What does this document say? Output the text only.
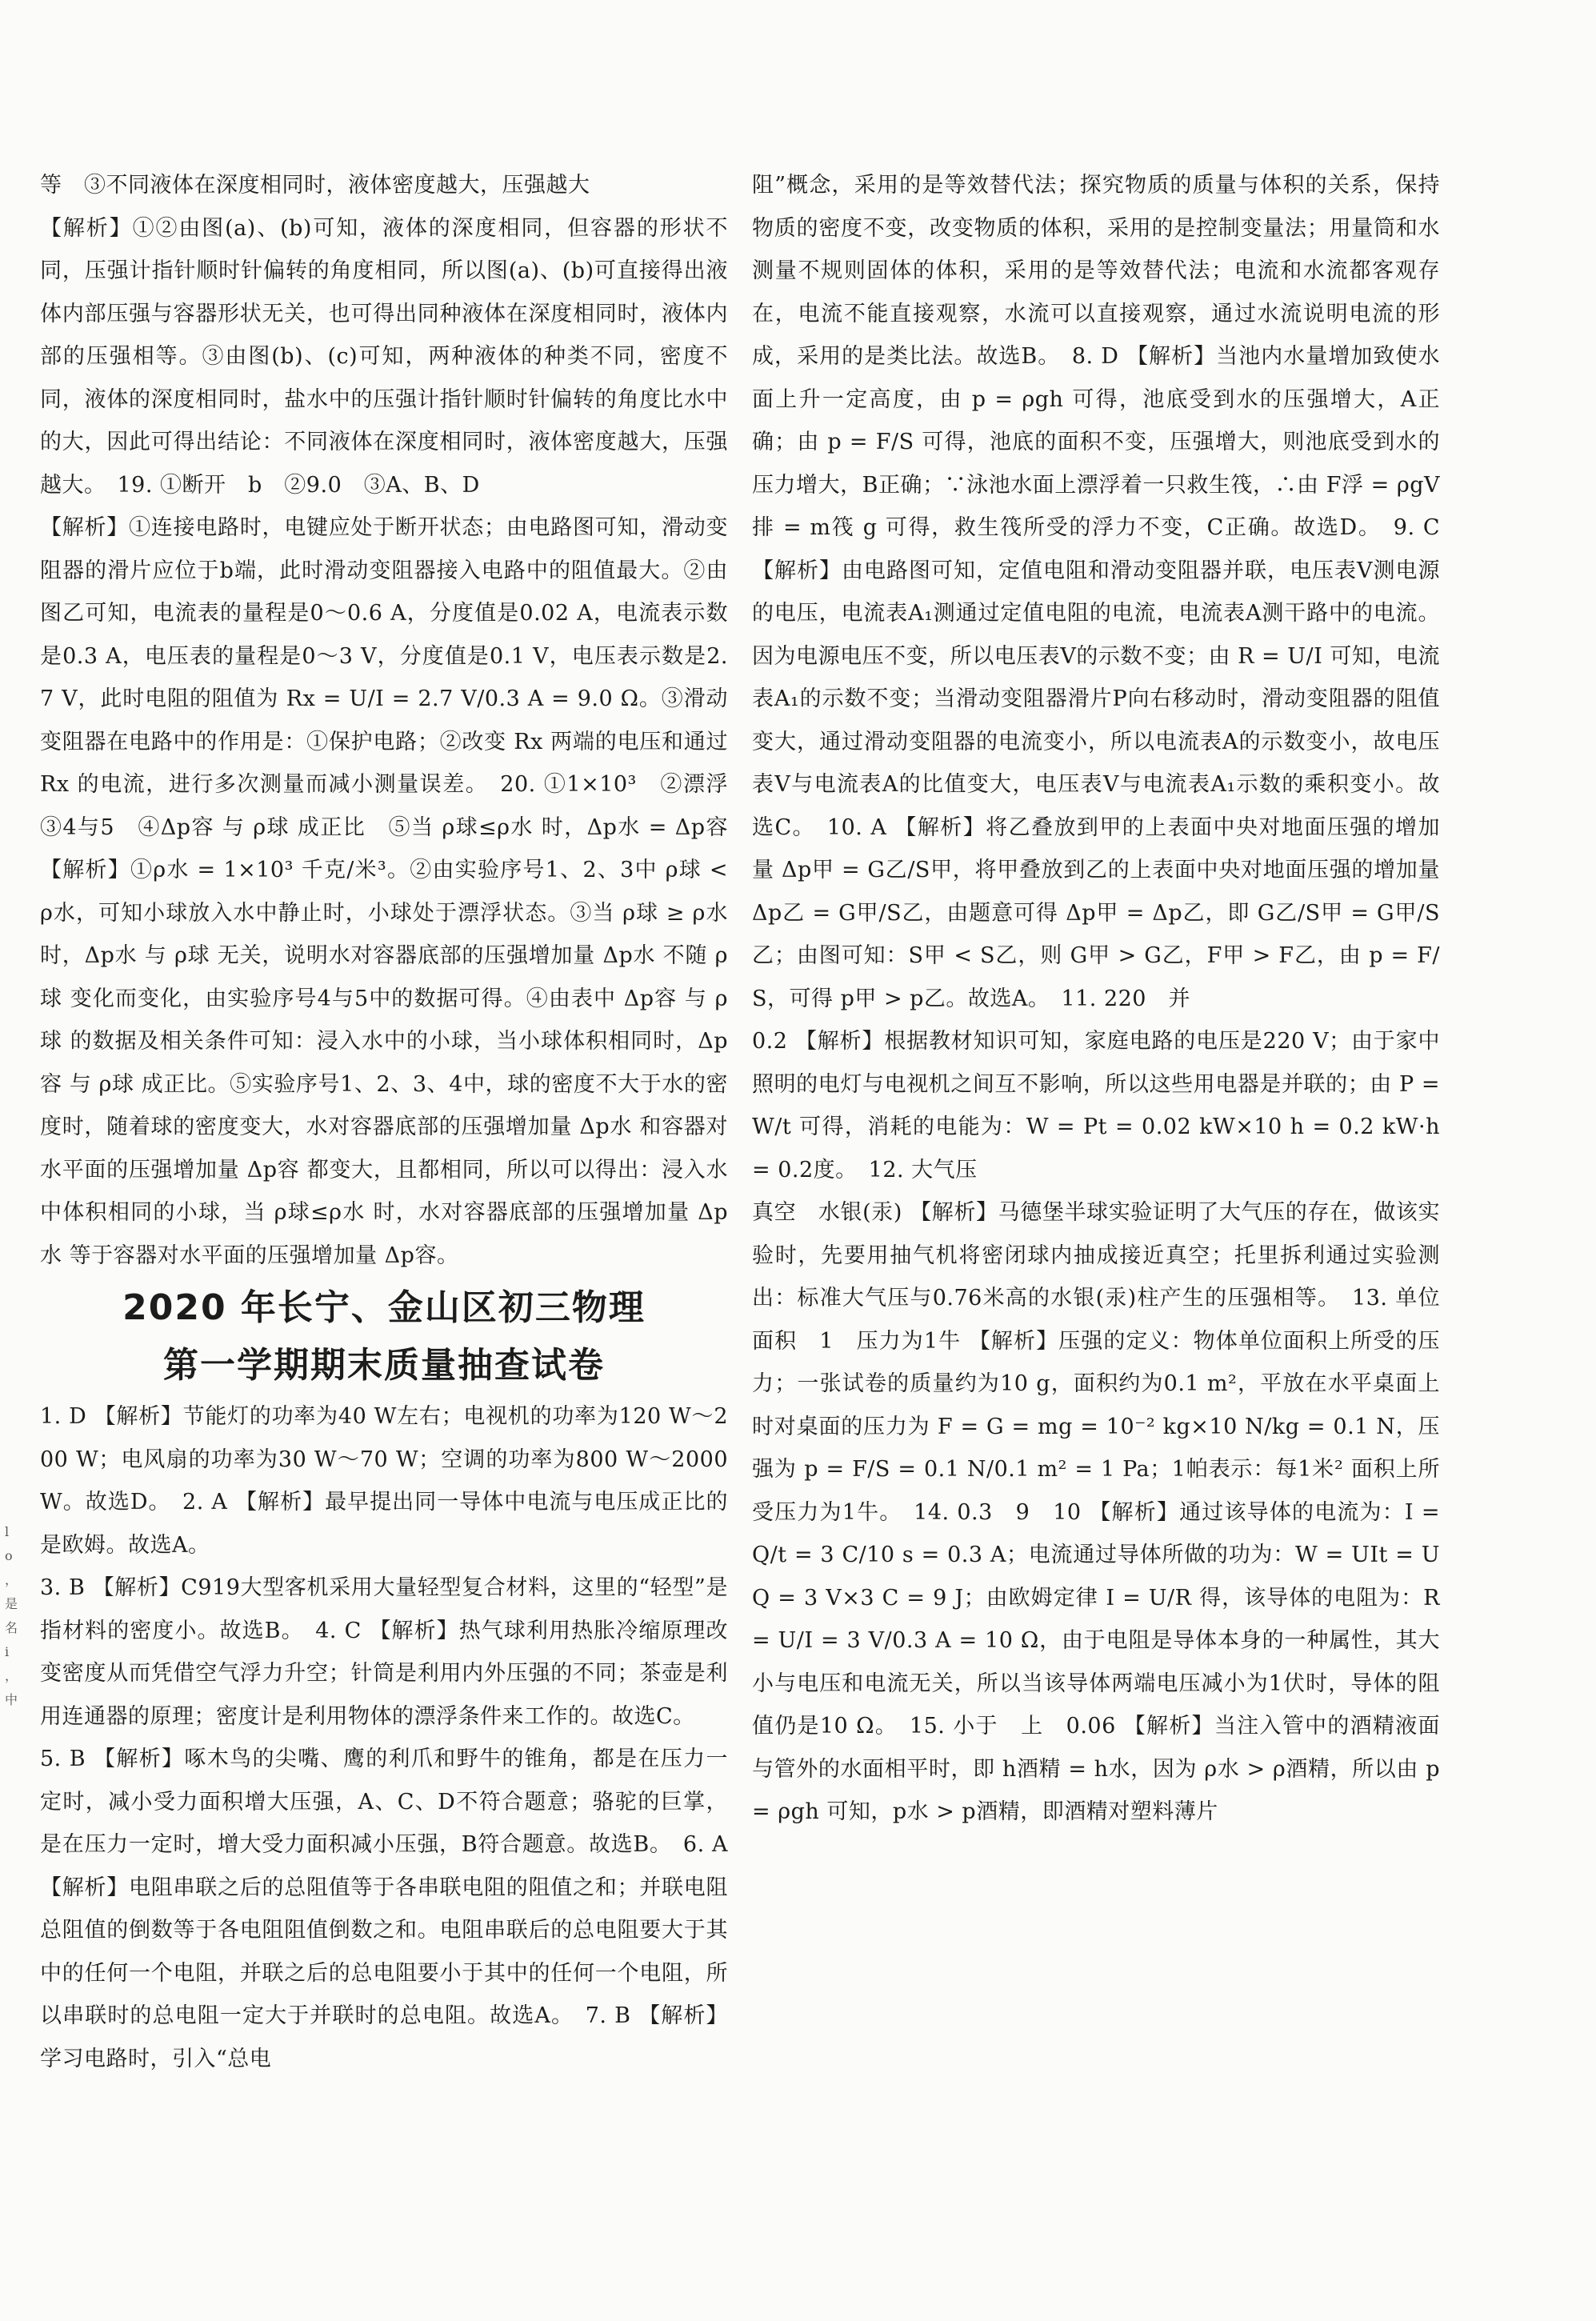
等　③不同液体在深度相同时，液体密度越大，压强越大

【解析】①②由图(a)、(b)可知，液体的深度相同，但容器的形状不同，压强计指针顺时针偏转的角度相同，所以图(a)、(b)可直接得出液体内部压强与容器形状无关，也可得出同种液体在深度相同时，液体内部的压强相等。③由图(b)、(c)可知，两种液体的种类不同，密度不同，液体的深度相同时，盐水中的压强计指针顺时针偏转的角度比水中的大，因此可得出结论：不同液体在深度相同时，液体密度越大，压强越大。　19. ①断开　b　②9.0　③A、B、D

【解析】①连接电路时，电键应处于断开状态；由电路图可知，滑动变阻器的滑片应位于b端，此时滑动变阻器接入电路中的阻值最大。②由图乙可知，电流表的量程是0～0.6 A，分度值是0.02 A，电流表示数是0.3 A，电压表的量程是0～3 V，分度值是0.1 V，电压表示数是2.7 V，此时电阻的阻值为 Rx = U/I = 2.7 V/0.3 A = 9.0 Ω。③滑动变阻器在电路中的作用是：①保护电路；②改变 Rx 两端的电压和通过 Rx 的电流，进行多次测量而减小测量误差。　20. ①1×10³　②漂浮　③4与5　④Δp容 与 ρ球 成正比　⑤当 ρ球≤ρ水 时，Δp水 = Δp容　【解析】①ρ水 = 1×10³ 千克/米³。②由实验序号1、2、3中 ρ球 < ρ水，可知小球放入水中静止时，小球处于漂浮状态。③当 ρ球 ≥ ρ水 时，Δp水 与 ρ球 无关，说明水对容器底部的压强增加量 Δp水 不随 ρ球 变化而变化，由实验序号4与5中的数据可得。④由表中 Δp容 与 ρ球 的数据及相关条件可知：浸入水中的小球，当小球体积相同时，Δp容 与 ρ球 成正比。⑤实验序号1、2、3、4中，球的密度不大于水的密度时，随着球的密度变大，水对容器底部的压强增加量 Δp水 和容器对水平面的压强增加量 Δp容 都变大，且都相同，所以可以得出：浸入水中体积相同的小球，当 ρ球≤ρ水 时，水对容器底部的压强增加量 Δp水 等于容器对水平面的压强增加量 Δp容。

2020 年长宁、金山区初三物理
第一学期期末质量抽查试卷

1. D 【解析】节能灯的功率为40 W左右；电视机的功率为120 W～200 W；电风扇的功率为30 W～70 W；空调的功率为800 W～2000 W。故选D。　2. A 【解析】最早提出同一导体中电流与电压成正比的是欧姆。故选A。

3. B 【解析】C919大型客机采用大量轻型复合材料，这里的“轻型”是指材料的密度小。故选B。　4. C 【解析】热气球利用热胀冷缩原理改变密度从而凭借空气浮力升空；针筒是利用内外压强的不同；茶壶是利用连通器的原理；密度计是利用物体的漂浮条件来工作的。故选C。

5. B 【解析】啄木鸟的尖嘴、鹰的利爪和野牛的锥角，都是在压力一定时，减小受力面积增大压强，A、C、D不符合题意；骆驼的巨掌，是在压力一定时，增大受力面积减小压强，B符合题意。故选B。　6. A 【解析】电阻串联之后的总阻值等于各串联电阻的阻值之和；并联电阻总阻值的倒数等于各电阻阻值倒数之和。电阻串联后的总电阻要大于其中的任何一个电阻，并联之后的总电阻要小于其中的任何一个电阻，所以串联时的总电阻一定大于并联时的总电阻。故选A。　7. B 【解析】学习电路时，引入“总电

阻”概念，采用的是等效替代法；探究物质的质量与体积的关系，保持物质的密度不变，改变物质的体积，采用的是控制变量法；用量筒和水测量不规则固体的体积，采用的是等效替代法；电流和水流都客观存在，电流不能直接观察，水流可以直接观察，通过水流说明电流的形成，采用的是类比法。故选B。　8. D 【解析】当池内水量增加致使水面上升一定高度，由 p = ρgh 可得，池底受到水的压强增大，A正确；由 p = F/S 可得，池底的面积不变，压强增大，则池底受到水的压力增大，B正确；∵泳池水面上漂浮着一只救生筏，∴由 F浮 = ρgV排 = m筏 g 可得，救生筏所受的浮力不变，C正确。故选D。　9. C 【解析】由电路图可知，定值电阻和滑动变阻器并联，电压表V测电源的电压，电流表A₁测通过定值电阻的电流，电流表A测干路中的电流。因为电源电压不变，所以电压表V的示数不变；由 R = U/I 可知，电流表A₁的示数不变；当滑动变阻器滑片P向右移动时，滑动变阻器的阻值变大，通过滑动变阻器的电流变小，所以电流表A的示数变小，故电压表V与电流表A的比值变大，电压表V与电流表A₁示数的乘积变小。故选C。　10. A 【解析】将乙叠放到甲的上表面中央对地面压强的增加量 Δp甲 = G乙/S甲，将甲叠放到乙的上表面中央对地面压强的增加量 Δp乙 = G甲/S乙，由题意可得 Δp甲 = Δp乙，即 G乙/S甲 = G甲/S乙；由图可知：S甲 < S乙，则 G甲 > G乙，F甲 > F乙，由 p = F/S，可得 p甲 > p乙。故选A。　11. 220　并

0.2 【解析】根据教材知识可知，家庭电路的电压是220 V；由于家中照明的电灯与电视机之间互不影响，所以这些用电器是并联的；由 P = W/t 可得，消耗的电能为：W = Pt = 0.02 kW×10 h = 0.2 kW·h = 0.2度。　12. 大气压

真空　水银(汞) 【解析】马德堡半球实验证明了大气压的存在，做该实验时，先要用抽气机将密闭球内抽成接近真空；托里拆利通过实验测出：标准大气压与0.76米高的水银(汞)柱产生的压强相等。　13. 单位面积　1　压力为1牛 【解析】压强的定义：物体单位面积上所受的压力；一张试卷的质量约为10 g，面积约为0.1 m²，平放在水平桌面上时对桌面的压力为 F = G = mg = 10⁻² kg×10 N/kg = 0.1 N，压强为 p = F/S = 0.1 N/0.1 m² = 1 Pa；1帕表示：每1米² 面积上所受压力为1牛。　14. 0.3　9　10 【解析】通过该导体的电流为：I = Q/t = 3 C/10 s = 0.3 A；电流通过导体所做的功为：W = UIt = UQ = 3 V×3 C = 9 J；由欧姆定律 I = U/R 得，该导体的电阻为：R = U/I = 3 V/0.3 A = 10 Ω，由于电阻是导体本身的一种属性，其大小与电压和电流无关，所以当该导体两端电压减小为1伏时，导体的阻值仍是10 Ω。　15. 小于　上　0.06 【解析】当注入管中的酒精液面与管外的水面相平时，即 h酒精 = h水，因为 ρ水 > ρ酒精，所以由 p = ρgh 可知，p水 > p酒精，即酒精对塑料薄片

l
o
，
是
名
i
，
中
